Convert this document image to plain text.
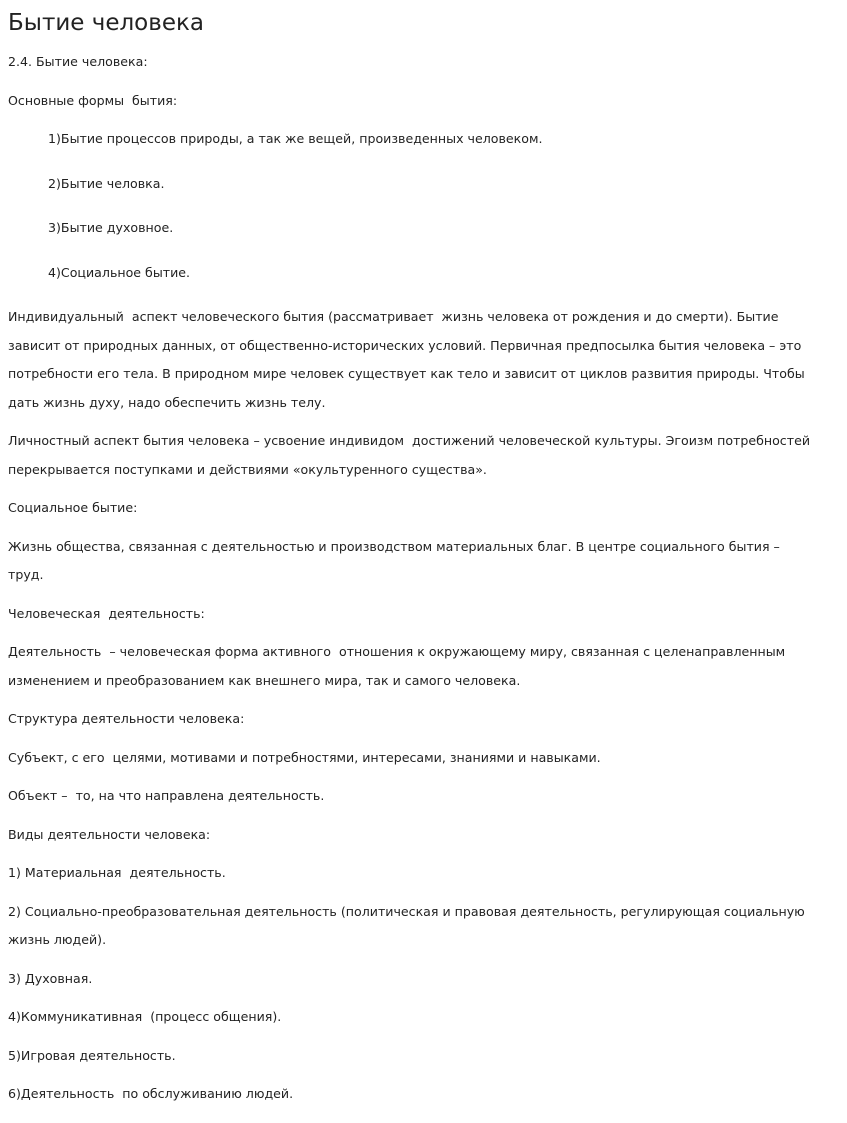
Бытие человека
2.4. Бытие человека:
Основные формы  бытия:
1)Бытие процессов природы, а так же вещей, произведенных человеком.
2)Бытие человка.
3)Бытие духовное.
4)Социальное бытие.
Индивидуальный  аспект человеческого бытия (рассматривает  жизнь человека от рождения и до смерти). Бытие
зависит от природных данных, от общественно-исторических условий. Первичная предпосылка бытия человека – это
потребности его тела. В природном мире человек существует как тело и зависит от циклов развития природы. Чтобы
дать жизнь духу, надо обеспечить жизнь телу.
Личностный аспект бытия человека – усвоение индивидом  достижений человеческой культуры. Эгоизм потребностей
перекрывается поступками и действиями «окультуренного существа».
Социальное бытие:
Жизнь общества, связанная с деятельностью и производством материальных благ. В центре социального бытия –
труд.
Человеческая  деятельность:
Деятельность  – человеческая форма активного  отношения к окружающему миру, связанная с целенаправленным
изменением и преобразованием как внешнего мира, так и самого человека.
Структура деятельности человека:
Субъект, с его  целями, мотивами и потребностями, интересами, знаниями и навыками.
Объект –  то, на что направлена деятельность.
Виды деятельности человека:
1) Материальная  деятельность.
2) Социально-преобразовательная деятельность (политическая и правовая деятельность, регулирующая социальную
жизнь людей).
3) Духовная.
4)Коммуникативная  (процесс общения).
5)Игровая деятельность.
6)Деятельность  по обслуживанию людей.
